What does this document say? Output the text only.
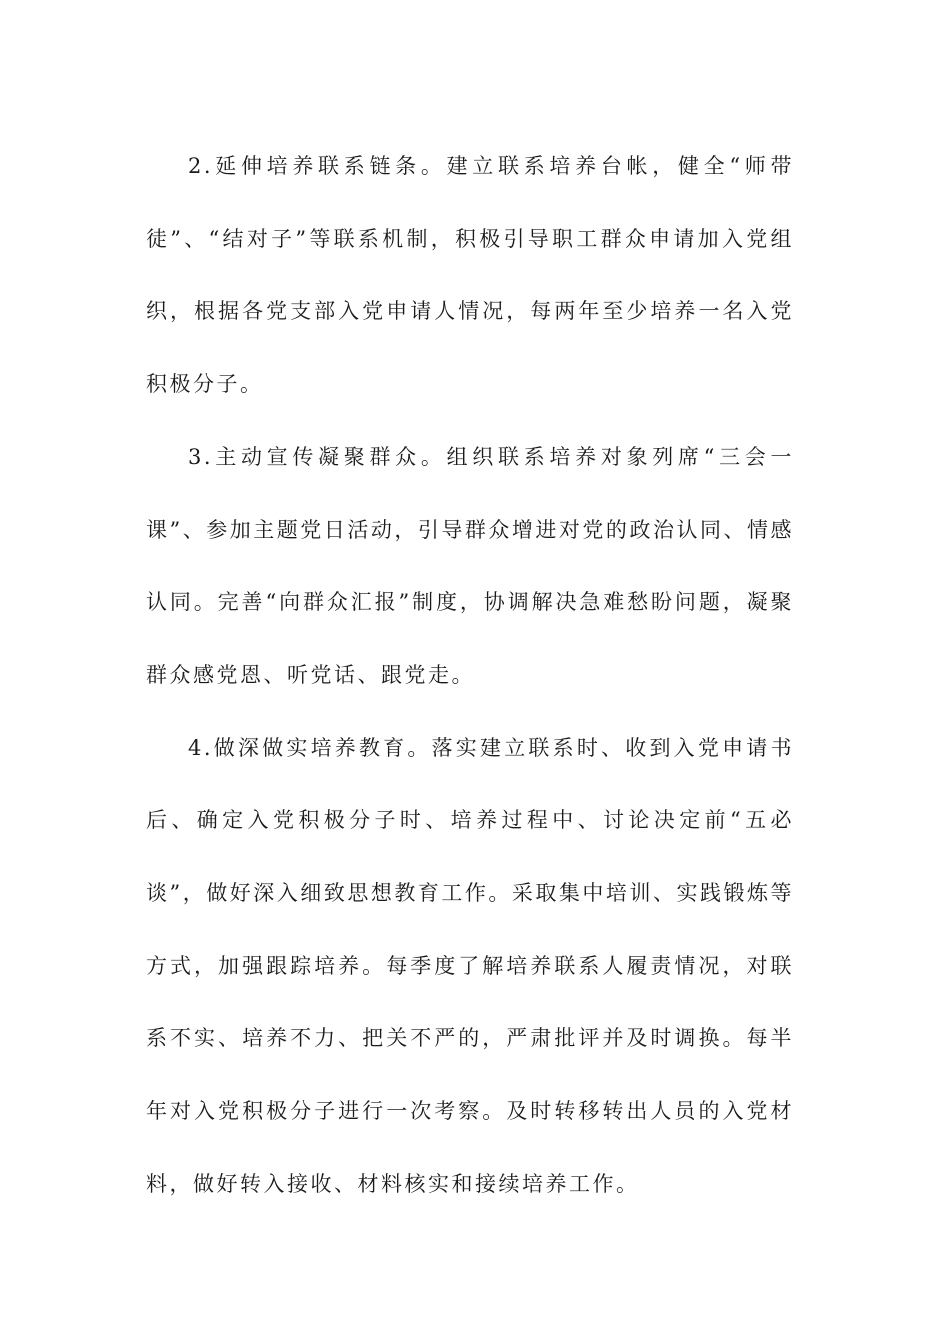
2.延伸培养联系链条。建立联系培养台帐，健全“师带徒”、“结对子”等联系机制，积极引导职工群众申请加入党组织，根据各党支部入党申请人情况，每两年至少培养一名入党积极分子。

3.主动宣传凝聚群众。组织联系培养对象列席“三会一课”、参加主题党日活动，引导群众增进对党的政治认同、情感认同。完善“向群众汇报”制度，协调解决急难愁盼问题，凝聚群众感党恩、听党话、跟党走。

4.做深做实培养教育。落实建立联系时、收到入党申请书后、确定入党积极分子时、培养过程中、讨论决定前“五必谈”，做好深入细致思想教育工作。采取集中培训、实践锻炼等方式，加强跟踪培养。每季度了解培养联系人履责情况，对联系不实、培养不力、把关不严的，严肃批评并及时调换。每半年对入党积极分子进行一次考察。及时转移转出人员的入党材料，做好转入接收、材料核实和接续培养工作。
